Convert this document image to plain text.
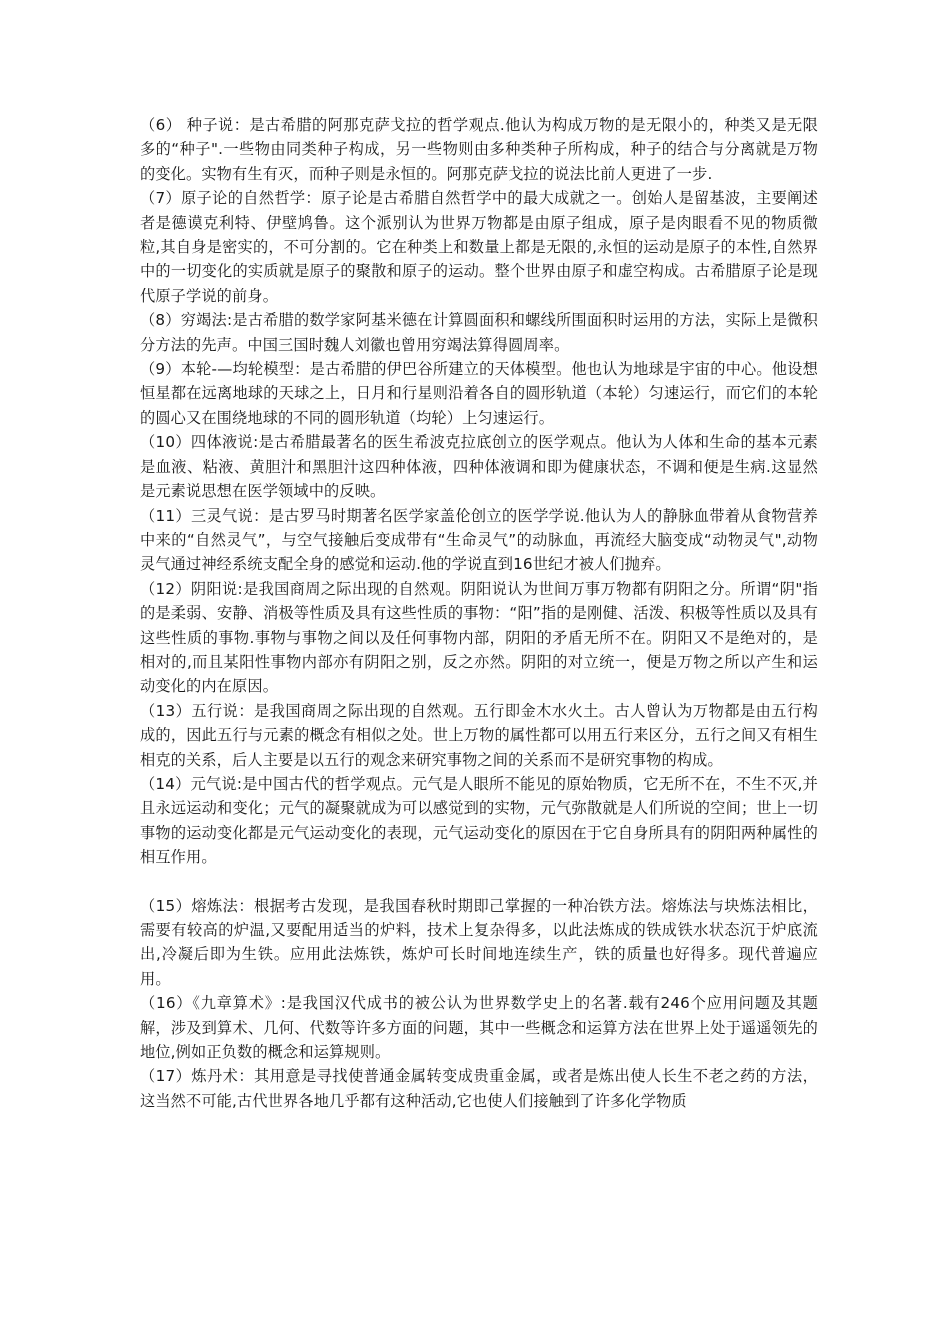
（6） 种子说：是古希腊的阿那克萨戈拉的哲学观点.他认为构成万物的是无限小的，种类又是无限多的“种子".一些物由同类种子构成，另一些物则由多种类种子所构成，种子的结合与分离就是万物的变化。实物有生有灭，而种子则是永恒的。阿那克萨戈拉的说法比前人更进了一步.

（7）原子论的自然哲学：原子论是古希腊自然哲学中的最大成就之一。创始人是留基波，主要阐述者是德谟克利特、伊壁鸠鲁。这个派别认为世界万物都是由原子组成，原子是肉眼看不见的物质微粒,其自身是密实的，不可分割的。它在种类上和数量上都是无限的,永恒的运动是原子的本性,自然界中的一切变化的实质就是原子的聚散和原子的运动。整个世界由原子和虚空构成。古希腊原子论是现代原子学说的前身。

（8）穷竭法:是古希腊的数学家阿基米德在计算圆面积和螺线所围面积时运用的方法，实际上是微积分方法的先声。中国三国时魏人刘徽也曾用穷竭法算得圆周率。

（9）本轮-—均轮模型：是古希腊的伊巴谷所建立的天体模型。他也认为地球是宇宙的中心。他设想恒星都在远离地球的天球之上，日月和行星则沿着各自的圆形轨道（本轮）匀速运行，而它们的本轮的圆心又在围绕地球的不同的圆形轨道（均轮）上匀速运行。

（10）四体液说:是古希腊最著名的医生希波克拉底创立的医学观点。他认为人体和生命的基本元素是血液、粘液、黄胆汁和黑胆汁这四种体液，四种体液调和即为健康状态，不调和便是生病.这显然是元素说思想在医学领域中的反映。

（11）三灵气说：是古罗马时期著名医学家盖伦创立的医学学说.他认为人的静脉血带着从食物营养中来的“自然灵气”，与空气接触后变成带有“生命灵气”的动脉血，再流经大脑变成“动物灵气",动物灵气通过神经系统支配全身的感觉和运动.他的学说直到16世纪才被人们抛弃。

（12）阴阳说:是我国商周之际出现的自然观。阴阳说认为世间万事万物都有阴阳之分。所谓“阴"指的是柔弱、安静、消极等性质及具有这些性质的事物：“阳”指的是刚健、活泼、积极等性质以及具有这些性质的事物.事物与事物之间以及任何事物内部，阴阳的矛盾无所不在。阴阳又不是绝对的，是相对的,而且某阳性事物内部亦有阴阳之别，反之亦然。阴阳的对立统一，便是万物之所以产生和运动变化的内在原因。

（13）五行说：是我国商周之际出现的自然观。五行即金木水火土。古人曾认为万物都是由五行构成的，因此五行与元素的概念有相似之处。世上万物的属性都可以用五行来区分，五行之间又有相生相克的关系，后人主要是以五行的观念来研究事物之间的关系而不是研究事物的构成。

（14）元气说:是中国古代的哲学观点。元气是人眼所不能见的原始物质，它无所不在，不生不灭,并且永远运动和变化；元气的凝聚就成为可以感觉到的实物，元气弥散就是人们所说的空间；世上一切事物的运动变化都是元气运动变化的表现，元气运动变化的原因在于它自身所具有的阴阳两种属性的相互作用。

（15）熔炼法：根据考古发现，是我国春秋时期即己掌握的一种冶铁方法。熔炼法与块炼法相比，需要有较高的炉温,又要配用适当的炉料，技术上复杂得多，以此法炼成的铁成铁水状态沉于炉底流出,冷凝后即为生铁。应用此法炼铁，炼炉可长时间地连续生产，铁的质量也好得多。现代普遍应用。

（16）《九章算术》:是我国汉代成书的被公认为世界数学史上的名著.载有246个应用问题及其题解，涉及到算术、几何、代数等许多方面的问题，其中一些概念和运算方法在世界上处于遥遥领先的地位,例如正负数的概念和运算规则。

（17）炼丹术：其用意是寻找使普通金属转变成贵重金属，或者是炼出使人长生不老之药的方法，这当然不可能,古代世界各地几乎都有这种活动,它也使人们接触到了许多化学物质
